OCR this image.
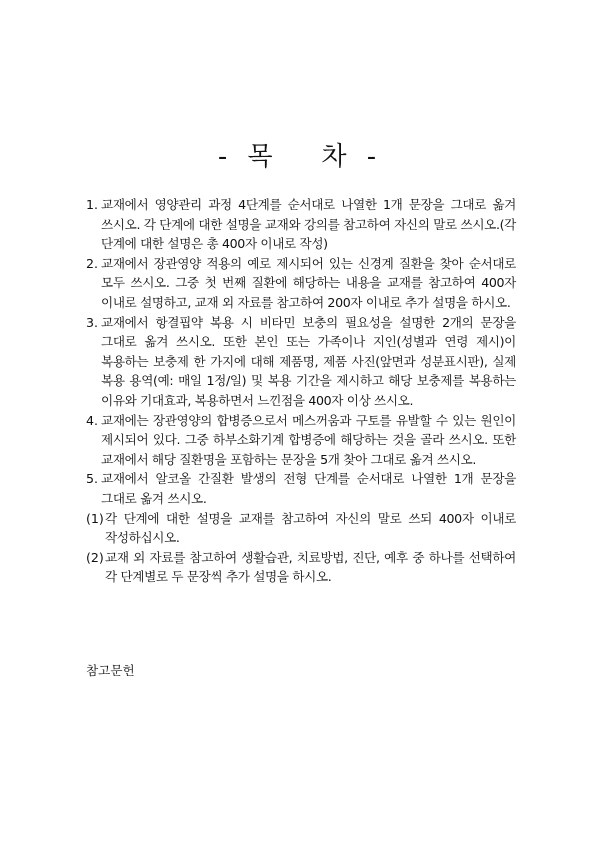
- 목   차 -
1. 교재에서 영양관리 과정 4단계를 순서대로 나열한 1개 문장을 그대로 옮겨 쓰시오. 각 단계에 대한 설명을 교재와 강의를 참고하여 자신의 말로 쓰시오.(각 단계에 대한 설명은 총 400자 이내로 작성)
2. 교재에서 장관영양 적용의 예로 제시되어 있는 신경계 질환을 찾아 순서대로 모두 쓰시오. 그중 첫 번째 질환에 해당하는 내용을 교재를 참고하여 400자 이내로 설명하고, 교재 외 자료를 참고하여 200자 이내로 추가 설명을 하시오.
3. 교재에서 항결핍약 복용 시 비타민 보충의 필요성을 설명한 2개의 문장을 그대로 옮겨 쓰시오. 또한 본인 또는 가족이나 지인(성별과 연령 제시)이 복용하는 보충제 한 가지에 대해 제품명, 제품 사진(앞면과 성분표시판), 실제 복용 용역(예: 매일 1정/일) 및 복용 기간을 제시하고 해당 보충제를 복용하는 이유와 기대효과, 복용하면서 느낀점을 400자 이상 쓰시오.
4. 교재에는 장관영양의 합병증으로서 메스꺼움과 구토를 유발할 수 있는 원인이 제시되어 있다. 그중 하부소화기계 합병증에 해당하는 것을 골라 쓰시오. 또한 교재에서 해당 질환명을 포함하는 문장을 5개 찾아 그대로 옮겨 쓰시오.
5. 교재에서 알코올 간질환 발생의 전형 단계를 순서대로 나열한 1개 문장을 그대로 옮겨 쓰시오.
(1) 각 단계에 대한 설명을 교재를 참고하여 자신의 말로 쓰되 400자 이내로 작성하십시오.
(2) 교재 외 자료를 참고하여 생활습관, 치료방법, 진단, 예후 중 하나를 선택하여 각 단계별로 두 문장씩 추가 설명을 하시오.
참고문헌
